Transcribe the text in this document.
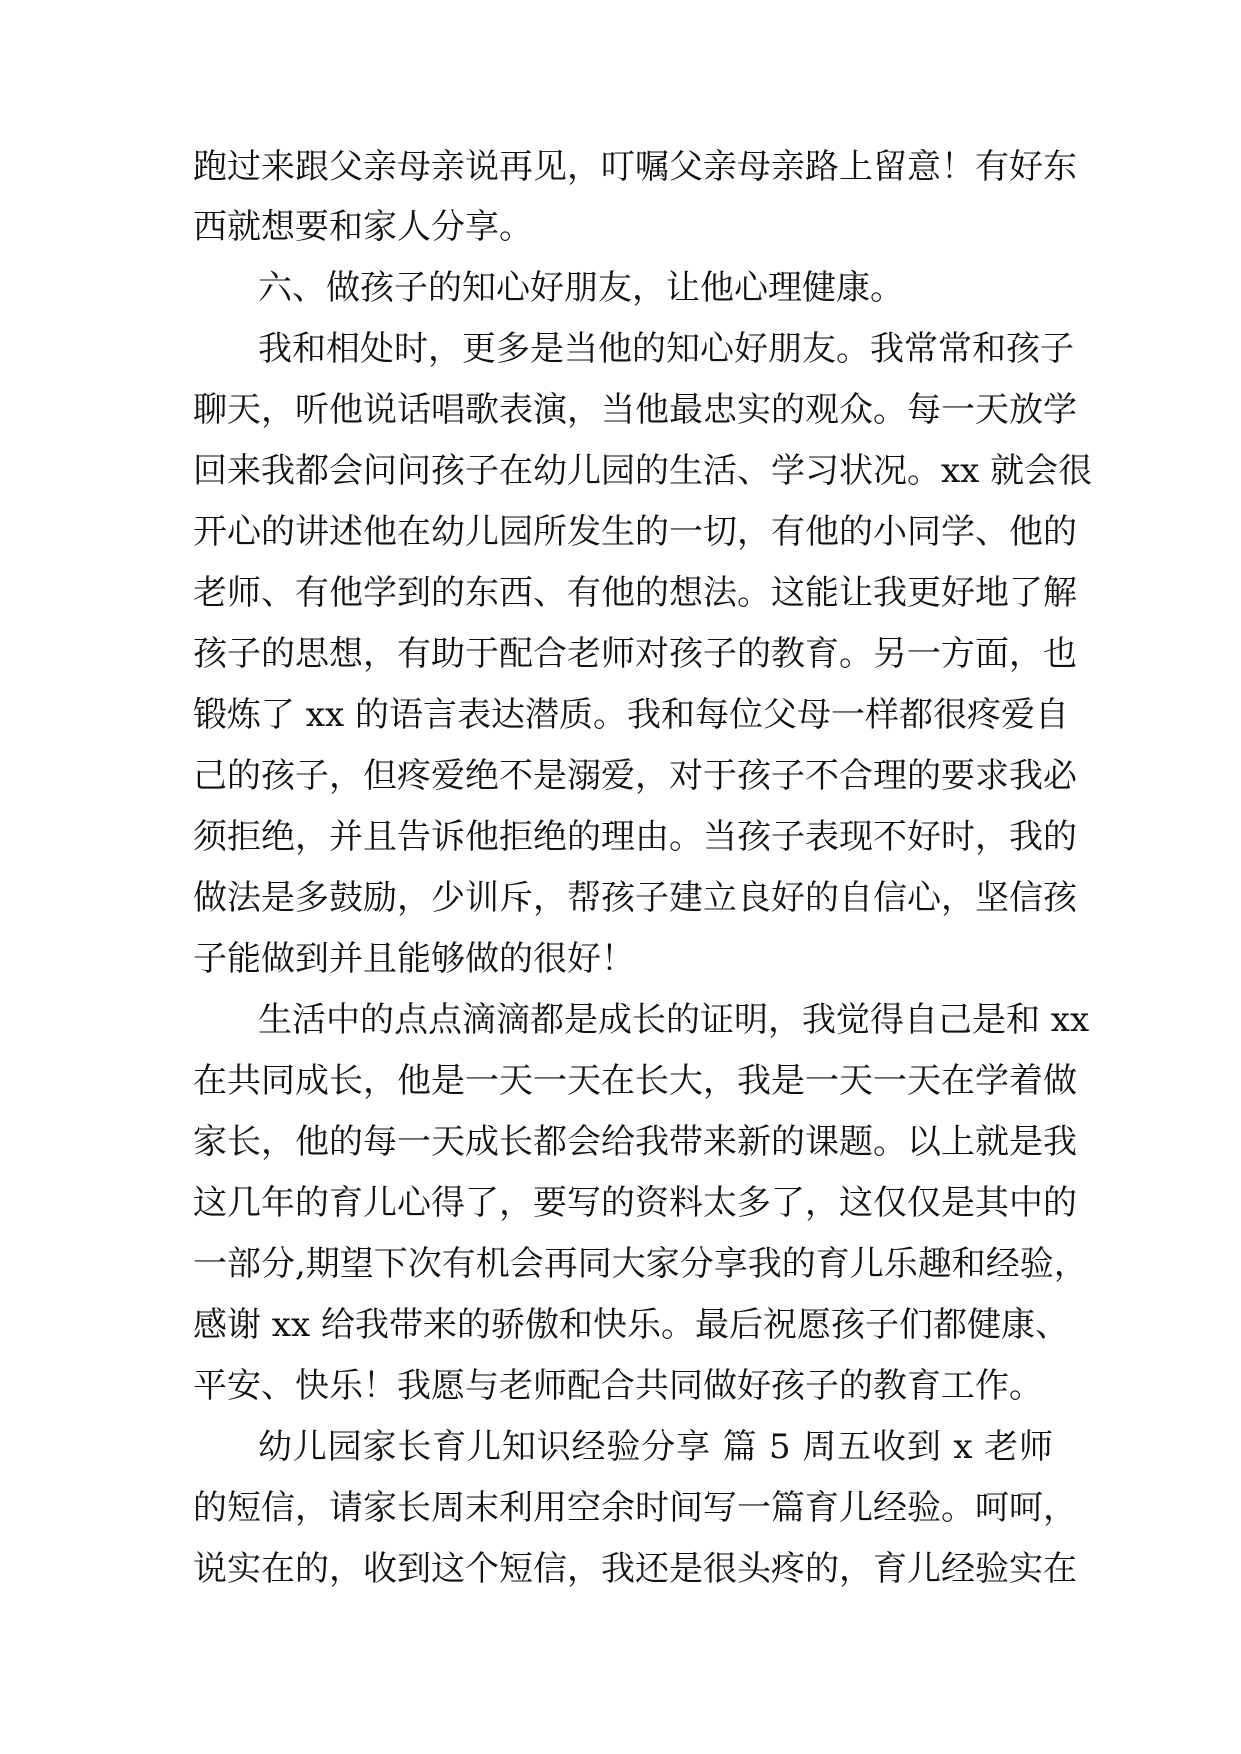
跑过来跟父亲母亲说再见，叮嘱父亲母亲路上留意！有好东
西就想要和家人分享。
六、做孩子的知心好朋友，让他心理健康。
我和相处时，更多是当他的知心好朋友。我常常和孩子
聊天，听他说话唱歌表演，当他最忠实的观众。每一天放学
回来我都会问问孩子在幼儿园的生活、学习状况。xx 就会很
开心的讲述他在幼儿园所发生的一切，有他的小同学、他的
老师、有他学到的东西、有他的想法。这能让我更好地了解
孩子的思想，有助于配合老师对孩子的教育。另一方面，也
锻炼了 xx 的语言表达潜质。我和每位父母一样都很疼爱自
己的孩子，但疼爱绝不是溺爱，对于孩子不合理的要求我必
须拒绝，并且告诉他拒绝的理由。当孩子表现不好时，我的
做法是多鼓励，少训斥，帮孩子建立良好的自信心，坚信孩
子能做到并且能够做的很好！
生活中的点点滴滴都是成长的证明，我觉得自己是和 xx
在共同成长，他是一天一天在长大，我是一天一天在学着做
家长，他的每一天成长都会给我带来新的课题。以上就是我
这几年的育儿心得了，要写的资料太多了，这仅仅是其中的
一部分,期望下次有机会再同大家分享我的育儿乐趣和经验，
感谢 xx 给我带来的骄傲和快乐。最后祝愿孩子们都健康、
平安、快乐！我愿与老师配合共同做好孩子的教育工作。
幼儿园家长育儿知识经验分享 篇 5 周五收到 x 老师
的短信，请家长周末利用空余时间写一篇育儿经验。呵呵，
说实在的，收到这个短信，我还是很头疼的，育儿经验实在
